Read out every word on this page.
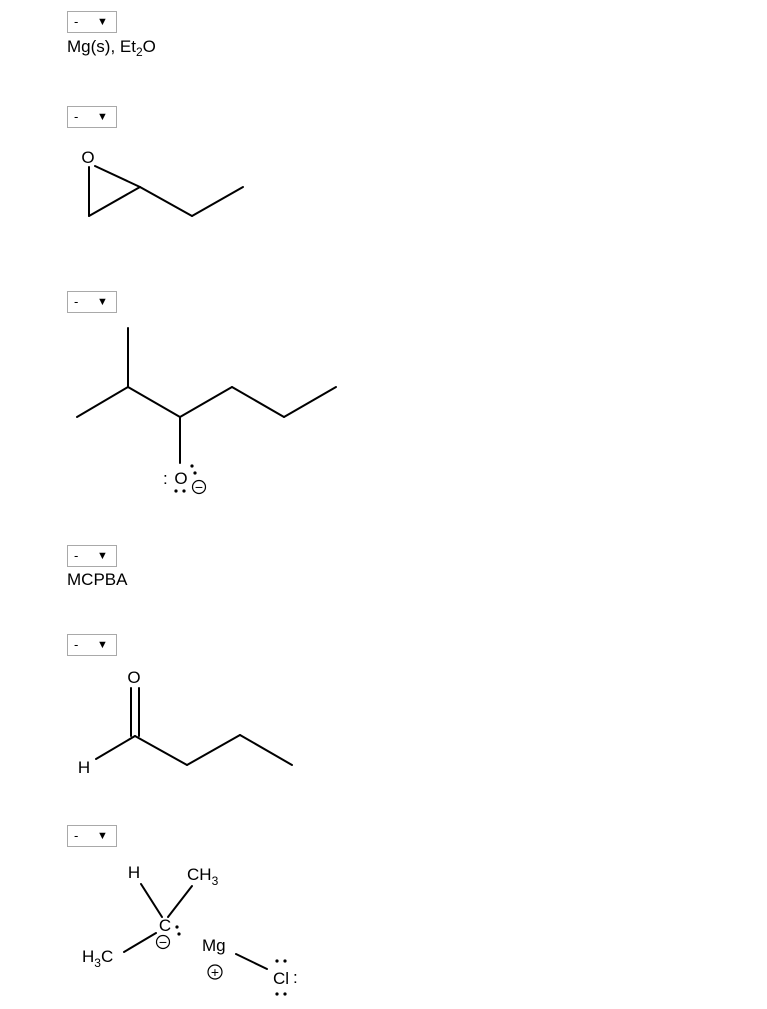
- ▼
Mg(s), $Et_2O$
- ▼
O
- ▼
: O −
- ▼
MCPBA
- ▼
O
H
- ▼
H	$CH_3$
C
−
$H_3C$
Mg
+	Cl :
